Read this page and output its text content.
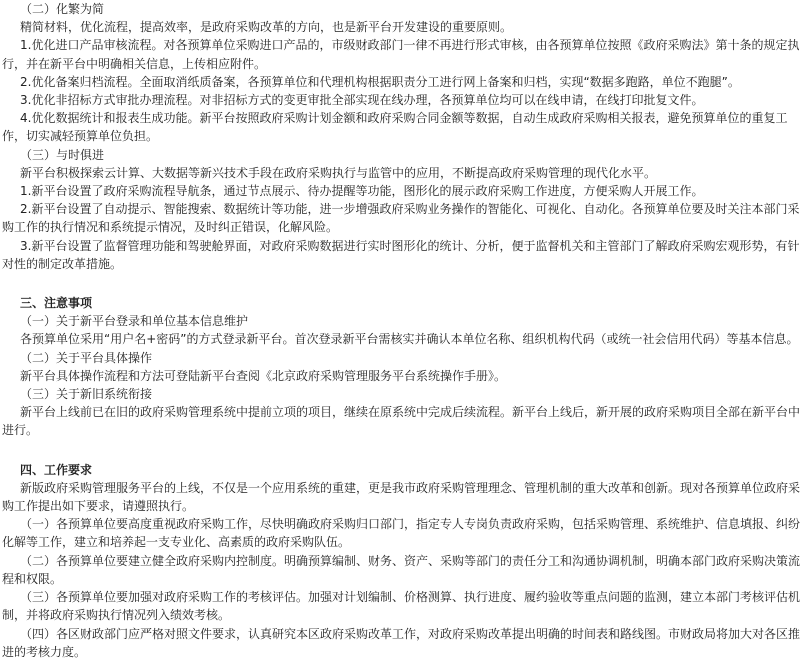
（二）化繁为简

精简材料，优化流程，提高效率，是政府采购改革的方向，也是新平台开发建设的重要原则。

1.优化进口产品审核流程。对各预算单位采购进口产品的，市级财政部门一律不再进行形式审核，由各预算单位按照《政府采购法》第十条的规定执行，并在新平台中明确相关信息，上传相应附件。

2.优化备案归档流程。全面取消纸质备案，各预算单位和代理机构根据职责分工进行网上备案和归档，实现“数据多跑路，单位不跑腿”。

3.优化非招标方式审批办理流程。对非招标方式的变更审批全部实现在线办理，各预算单位均可以在线申请，在线打印批复文件。

4.优化数据统计和报表生成功能。新平台按照政府采购计划金额和政府采购合同金额等数据，自动生成政府采购相关报表，避免预算单位的重复工作，切实减轻预算单位负担。

（三）与时俱进

新平台积极探索云计算、大数据等新兴技术手段在政府采购执行与监管中的应用，不断提高政府采购管理的现代化水平。

1.新平台设置了政府采购流程导航条，通过节点展示、待办提醒等功能，图形化的展示政府采购工作进度，方便采购人开展工作。

2.新平台设置了自动提示、智能搜索、数据统计等功能，进一步增强政府采购业务操作的智能化、可视化、自动化。各预算单位要及时关注本部门采购工作的执行情况和系统提示情况，及时纠正错误，化解风险。

3.新平台设置了监督管理功能和驾驶舱界面，对政府采购数据进行实时图形化的统计、分析，便于监督机关和主管部门了解政府采购宏观形势，有针对性的制定改革措施。

三、注意事项

（一）关于新平台登录和单位基本信息维护

各预算单位采用“用户名+密码”的方式登录新平台。首次登录新平台需核实并确认本单位名称、组织机构代码（或统一社会信用代码）等基本信息。

（二）关于平台具体操作

新平台具体操作流程和方法可登陆新平台查阅《北京政府采购管理服务平台系统操作手册》。

（三）关于新旧系统衔接

新平台上线前已在旧的政府采购管理系统中提前立项的项目，继续在原系统中完成后续流程。新平台上线后，新开展的政府采购项目全部在新平台中进行。

四、工作要求

新版政府采购管理服务平台的上线，不仅是一个应用系统的重建，更是我市政府采购管理理念、管理机制的重大改革和创新。现对各预算单位政府采购工作提出如下要求，请遵照执行。

（一）各预算单位要高度重视政府采购工作，尽快明确政府采购归口部门，指定专人专岗负责政府采购，包括采购管理、系统维护、信息填报、纠纷化解等工作，建立和培养起一支专业化、高素质的政府采购队伍。

（二）各预算单位要建立健全政府采购内控制度。明确预算编制、财务、资产、采购等部门的责任分工和沟通协调机制，明确本部门政府采购决策流程和权限。

（三）各预算单位要加强对政府采购工作的考核评估。加强对计划编制、价格测算、执行进度、履约验收等重点问题的监测，建立本部门考核评估机制，并将政府采购执行情况列入绩效考核。

（四）各区财政部门应严格对照文件要求，认真研究本区政府采购改革工作，对政府采购改革提出明确的时间表和路线图。市财政局将加大对各区推进的考核力度。
